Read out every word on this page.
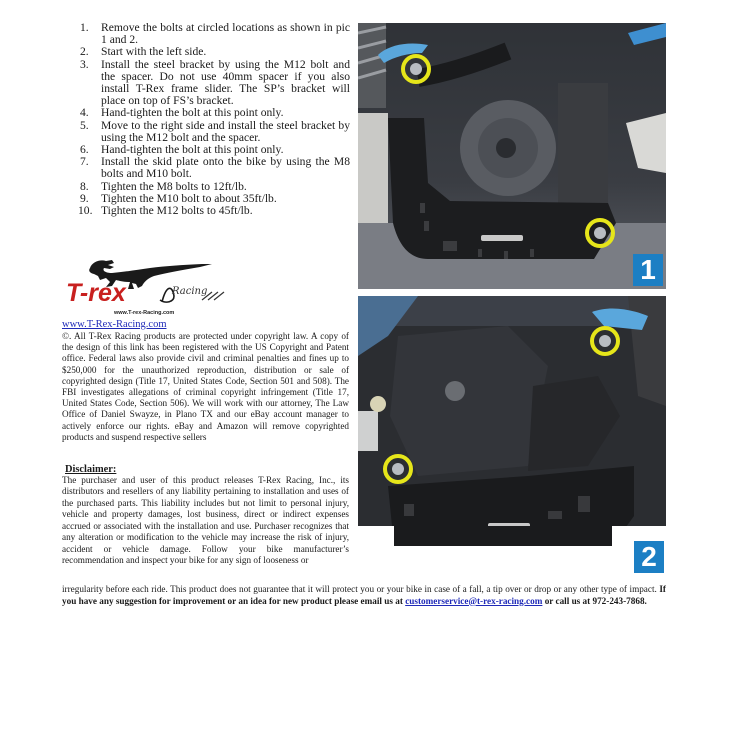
1.	Remove the bolts at circled locations as shown in pic 1 and 2.
2.	Start with the left side.
3.	Install the steel bracket by using the M12 bolt and the spacer. Do not use 40mm spacer if you also install T-Rex frame slider. The SP’s bracket will place on top of FS’s bracket.
4.	Hand-tighten the bolt at this point only.
5.	Move to the right side and install the steel bracket by using the M12 bolt and the spacer.
6.	Hand-tighten the bolt at this point only.
7.	Install the skid plate onto the bike by using the M8 bolts and M10 bolt.
8.	Tighten the M8 bolts to 12ft/lb.
9.	Tighten the M10 bolt to about 35ft/lb.
10. Tighten the M12 bolts to 45ft/lb.
T-rex	Racing
www.T-rex-Racing.com
www.T-Rex-Racing.com

©. All T-Rex Racing products are protected under copyright law. A copy of the design of this link has been registered with the US Copyright and Patent office. Federal laws also provide civil and criminal penalties and fines up to $250,000 for the unauthorized reproduction, distribution or sale of copyrighted design (Title 17, United States Code, Section 501 and 508). The FBI investigates allegations of criminal copyright infringement (Title 17, United States Code, Section 506). We will work with our attorney, The Law Office of Daniel Swayze, in Plano TX and our eBay account manager to actively enforce our rights. eBay and Amazon will remove copyrighted products and suspend respective sellers

Disclaimer:

The purchaser and user of this product releases T-Rex Racing, Inc., its distributors and resellers of any liability pertaining to installation and uses of the purchased parts. This liability includes but not limit to personal injury, vehicle and property damages, lost business, direct or indirect expenses accrued or associated with the installation and use. Purchaser recognizes that any alteration or modification to the vehicle may increase the risk of injury, accident or vehicle damage. Follow your bike manufacturer’s recommendation and inspect your bike for any sign of looseness or

irregularity before each ride. This product does not guarantee that it will protect you or your bike in case of a fall, a tip over or drop or any other type of impact. If you have any suggestion for improvement or an idea for new product please email us at customerservice@t-rex-racing.com or call us at 972-243-7868.

1
2
